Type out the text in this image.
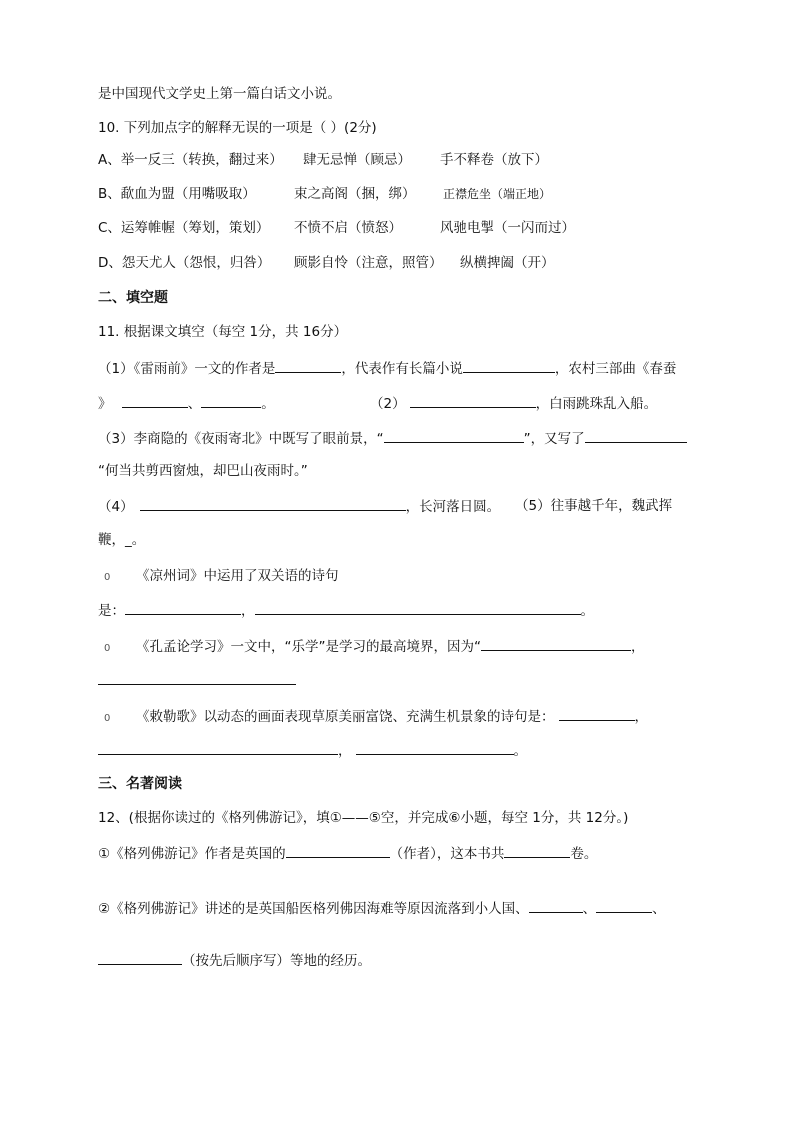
是中国现代文学史上第一篇白话文小说。
10. 下列加点字的解释无误的一项是（ ）(2分)
A、举一反三（转换，翻过来） 肆无忌惮（顾忌） 手不释卷（放下）
B、歃血为盟（用嘴吸取）	束之高阁（捆，绑） 正襟危坐（端正地）
C、运筹帷幄（筹划，策划） 不愤不启（愤怒）	风驰电掣（一闪而过）
D、怨天尤人（怨恨，归咎） 顾影自怜（注意，照管） 纵横捭阖（开）
二、填空题
11. 根据课文填空（每空 1分，共 16分）
（1）《雷雨前》一文的作者是	，代表作有长篇小说	，农村三部曲《春蚕
》	、	。	（2）	，白雨跳珠乱入船。
（3）李商隐的《夜雨寄北》中既写了眼前景，“	”，又写了
“何当共剪西窗烛，却巴山夜雨时。”
（4）	，长河落日圆。 （5）往事越千年，魏武挥
鞭，_。
0 《凉州词》中运用了双关语的诗句
是：	，	。
0 《孔孟论学习》一文中，“乐学”是学习的最高境界，因为“	，
0 《敕勒歌》以动态的画面表现草原美丽富饶、充满生机景象的诗句是：	，
，	。
三、名著阅读
12、(根据你读过的《格列佛游记》，填①——⑤空，并完成⑥小题，每空 1分，共 12分。)
①《格列佛游记》作者是英国的	（作者），这本书共	卷。
②《格列佛游记》讲述的是英国船医格列佛因海难等原因流落到小人国、	、	、
（按先后顺序写）等地的经历。
